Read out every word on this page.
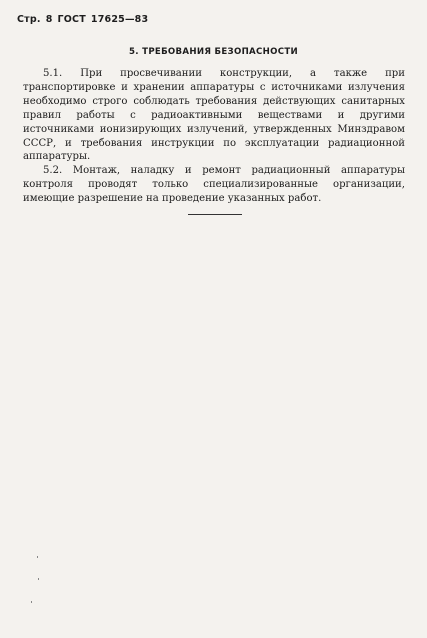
Стр. 8 ГОСТ 17625—83
5. ТРЕБОВАНИЯ БЕЗОПАСНОСТИ

5.1. При просвечивании конструкции, а также при транспортировке и хранении аппаратуры с источниками излучения необходимо строго соблюдать требования действующих санитарных правил работы с радиоактивными веществами и другими источниками ионизирующих излучений, утвержденных Минздравом СССР, и требования инструкции по эксплуатации радиационной аппаратуры.

5.2. Монтаж, наладку и ремонт радиационный аппаратуры контроля проводят только специализированные организации, имеющие разрешение на проведение указанных работ.
